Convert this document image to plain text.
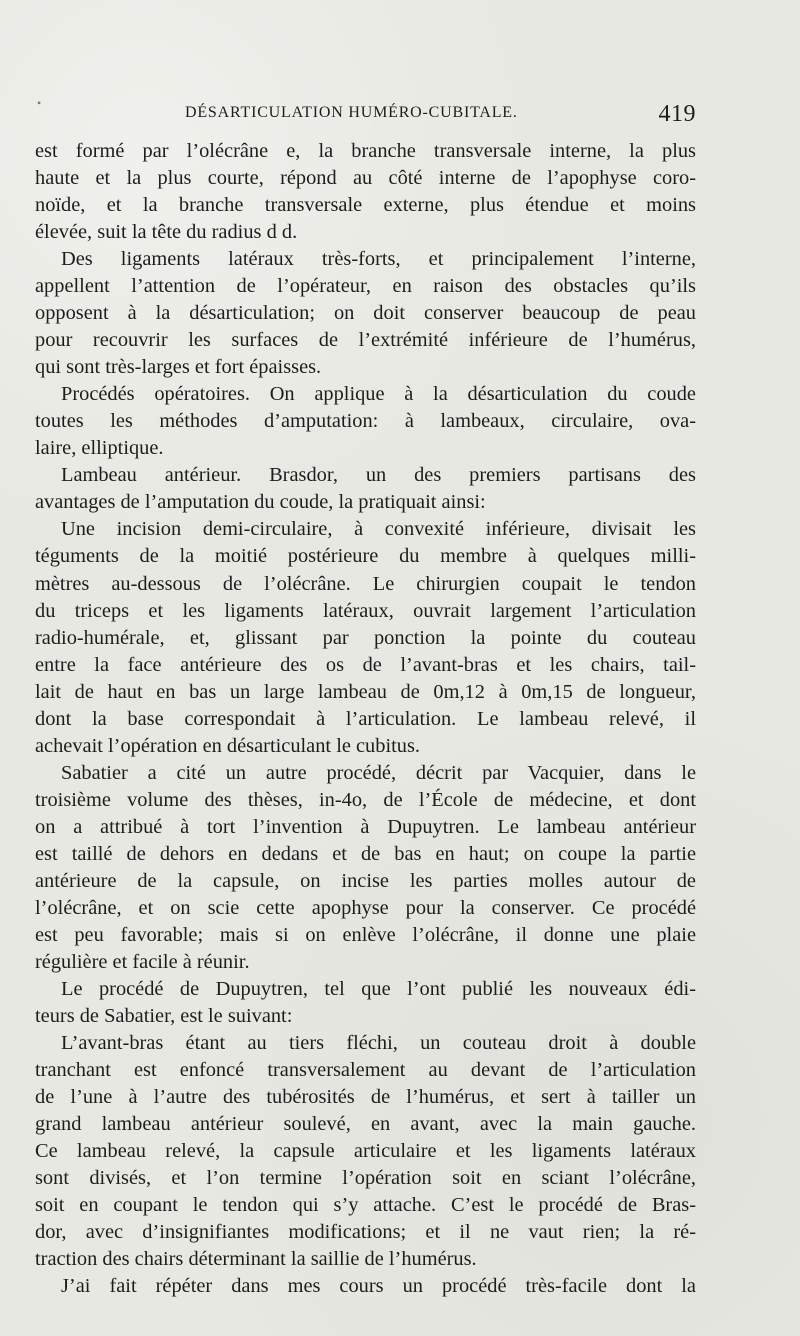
•
DÉSARTICULATION HUMÉRO-CUBITALE.	419
est formé par l’olécrâne e, la branche transversale interne, la plus
haute et la plus courte, répond au côté interne de l’apophyse coro-
noïde, et la branche transversale externe, plus étendue et moins
élevée, suit la tête du radius d d.
Des ligaments latéraux très-forts, et principalement l’interne,
appellent l’attention de l’opérateur, en raison des obstacles qu’ils
opposent à la désarticulation; on doit conserver beaucoup de peau
pour recouvrir les surfaces de l’extrémité inférieure de l’humérus,
qui sont très-larges et fort épaisses.
Procédés opératoires. On applique à la désarticulation du coude
toutes les méthodes d’amputation: à lambeaux, circulaire, ova-
laire, elliptique.
Lambeau antérieur. Brasdor, un des premiers partisans des
avantages de l’amputation du coude, la pratiquait ainsi:
Une incision demi-circulaire, à convexité inférieure, divisait les
téguments de la moitié postérieure du membre à quelques milli-
mètres au-dessous de l’olécrâne. Le chirurgien coupait le tendon
du triceps et les ligaments latéraux, ouvrait largement l’articulation
radio-humérale, et, glissant par ponction la pointe du couteau
entre la face antérieure des os de l’avant-bras et les chairs, tail-
lait de haut en bas un large lambeau de 0m,12 à 0m,15 de longueur,
dont la base correspondait à l’articulation. Le lambeau relevé, il
achevait l’opération en désarticulant le cubitus.
Sabatier a cité un autre procédé, décrit par Vacquier, dans le
troisième volume des thèses, in-4o, de l’École de médecine, et dont
on a attribué à tort l’invention à Dupuytren. Le lambeau antérieur
est taillé de dehors en dedans et de bas en haut; on coupe la partie
antérieure de la capsule, on incise les parties molles autour de
l’olécrâne, et on scie cette apophyse pour la conserver. Ce procédé
est peu favorable; mais si on enlève l’olécrâne, il donne une plaie
régulière et facile à réunir.
Le procédé de Dupuytren, tel que l’ont publié les nouveaux édi-
teurs de Sabatier, est le suivant:
L’avant-bras étant au tiers fléchi, un couteau droit à double
tranchant est enfoncé transversalement au devant de l’articulation
de l’une à l’autre des tubérosités de l’humérus, et sert à tailler un
grand lambeau antérieur soulevé, en avant, avec la main gauche.
Ce lambeau relevé, la capsule articulaire et les ligaments latéraux
sont divisés, et l’on termine l’opération soit en sciant l’olécrâne,
soit en coupant le tendon qui s’y attache. C’est le procédé de Bras-
dor, avec d’insignifiantes modifications; et il ne vaut rien; la ré-
traction des chairs déterminant la saillie de l’humérus.
J’ai fait répéter dans mes cours un procédé très-facile dont la
